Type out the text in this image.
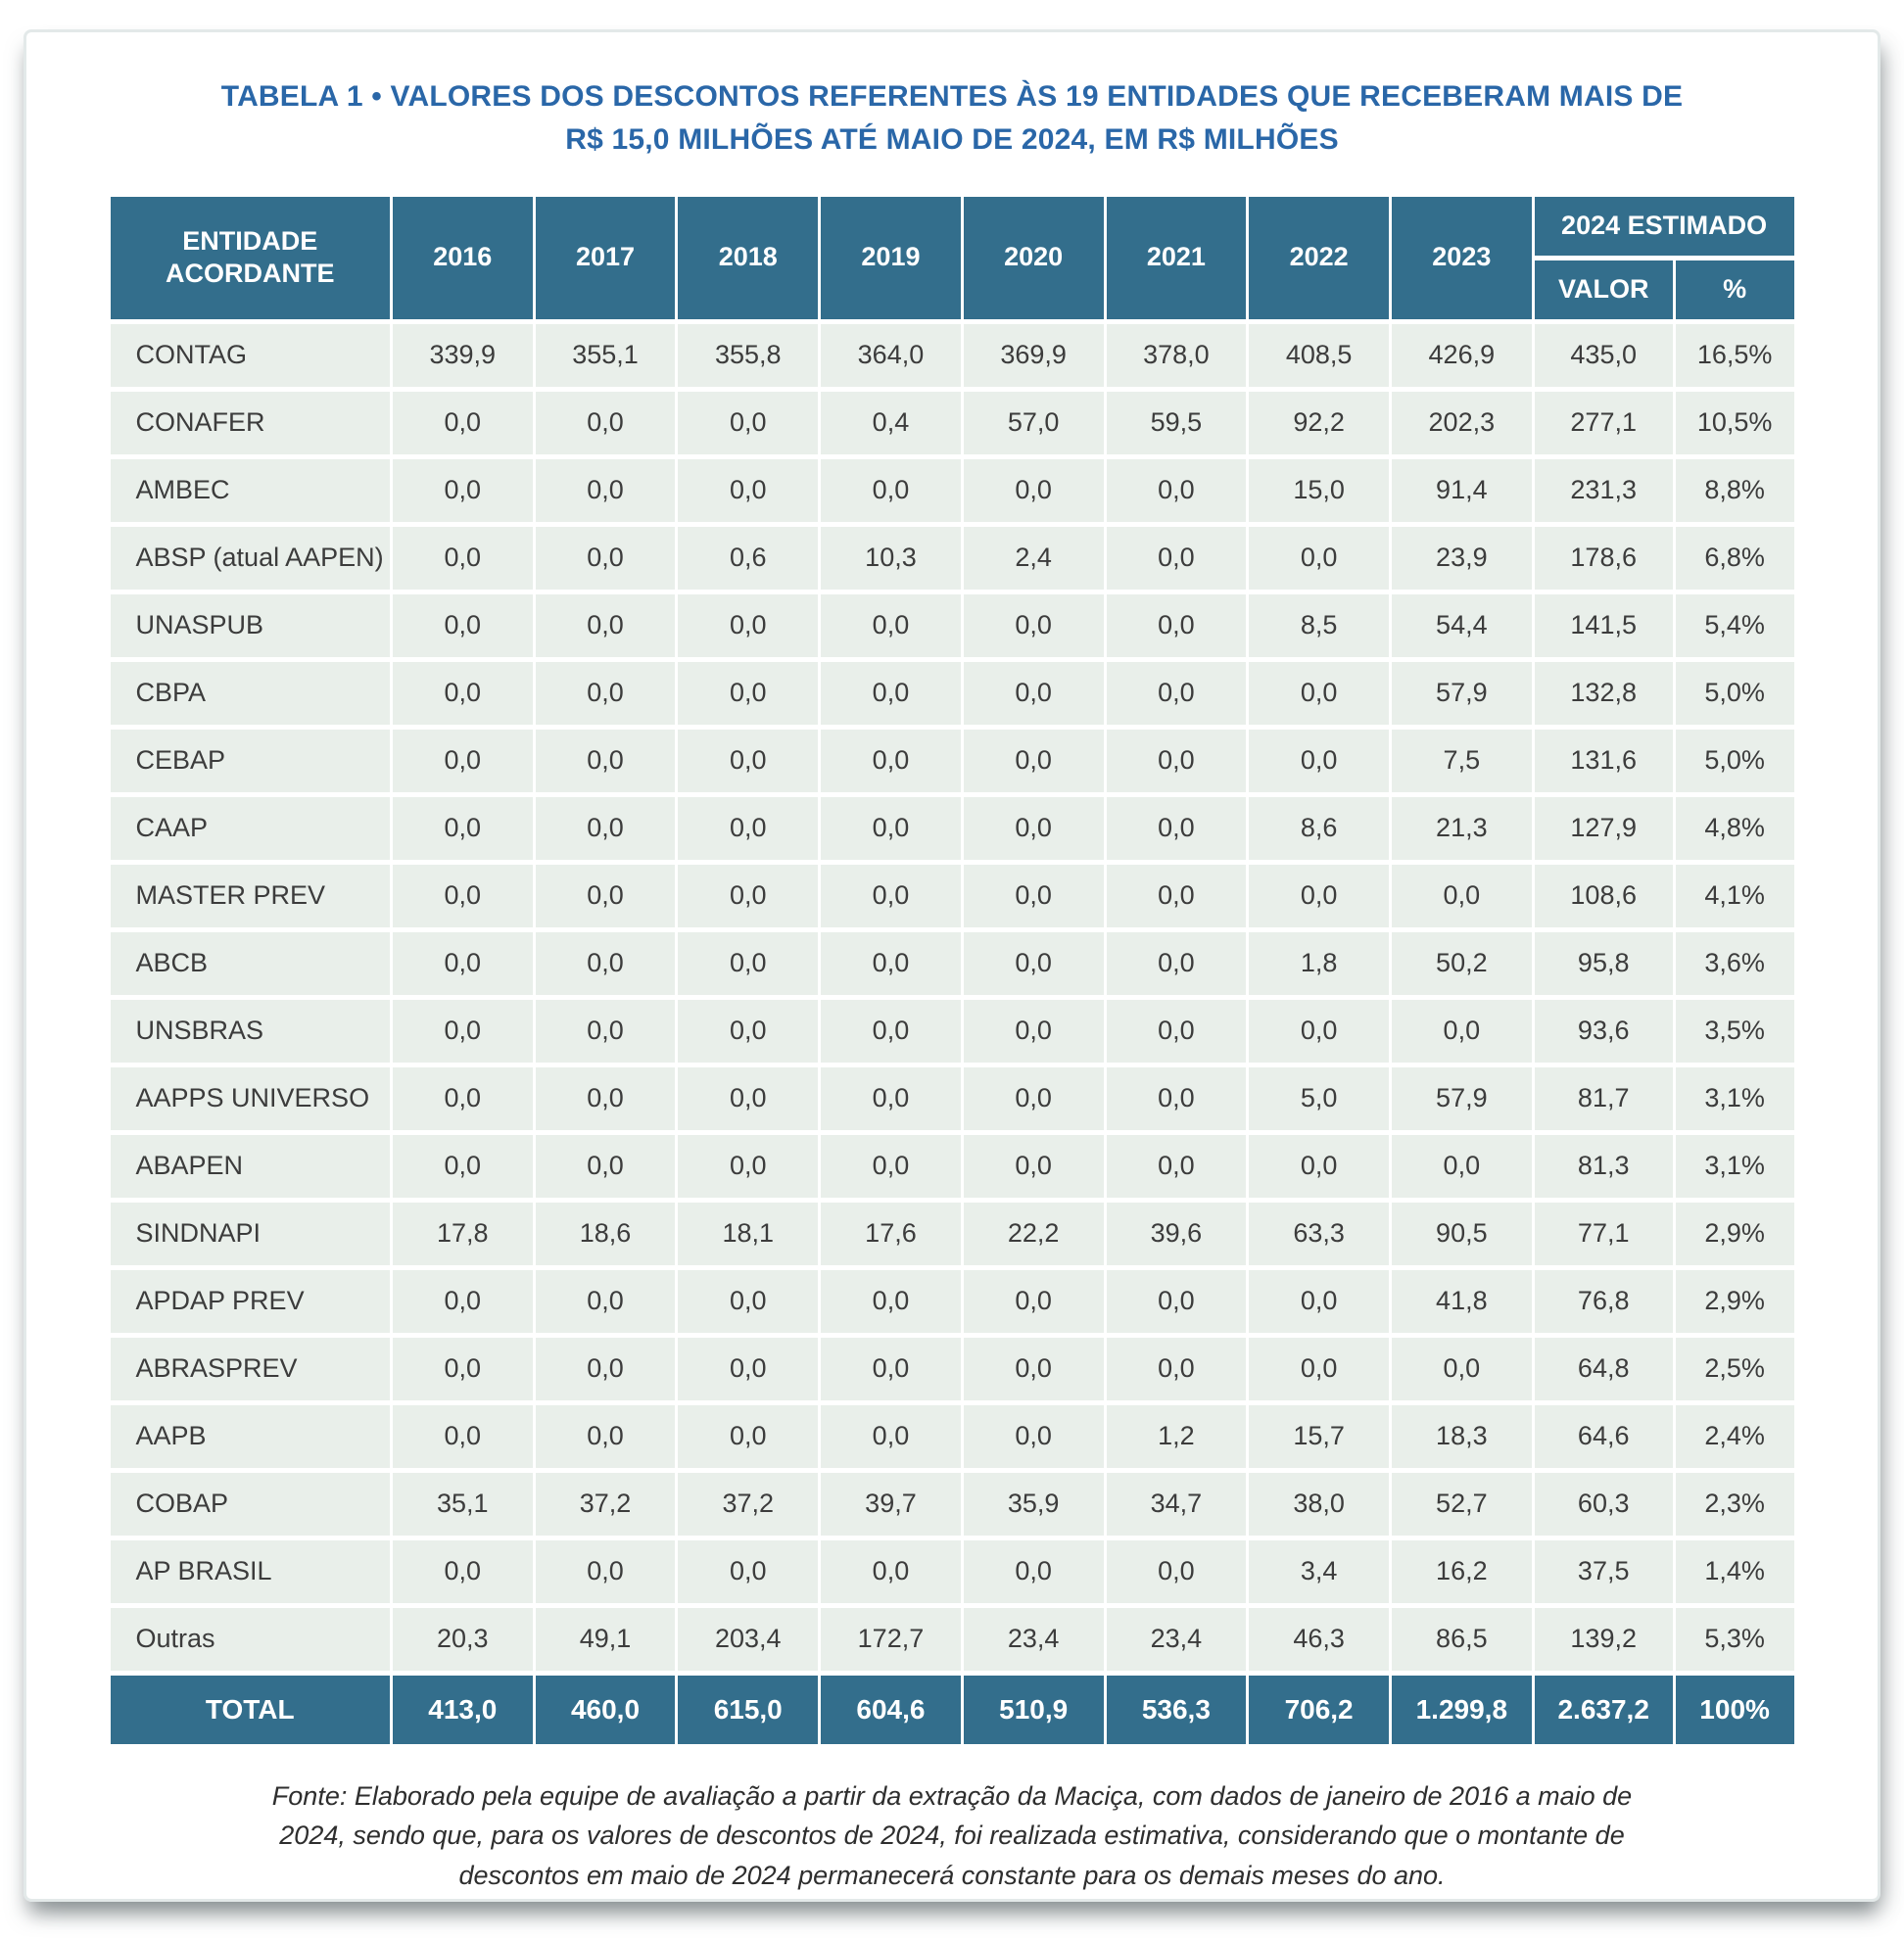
TABELA 1 • VALORES DOS DESCONTOS REFERENTES ÀS 19 ENTIDADES QUE RECEBERAM MAIS DE
R$ 15,0 MILHÕES ATÉ MAIO DE 2024, EM R$ MILHÕES
ENTIDADE ACORDANTE	2016	2017	2018	2019	2020	2021	2022	2023	2024 ESTIMADO	
									VALOR	%
CONTAG	339,9	355,1	355,8	364,0	369,9	378,0	408,5	426,9	435,0	16,5%
CONAFER	0,0	0,0	0,0	0,4	57,0	59,5	92,2	202,3	277,1	10,5%
AMBEC	0,0	0,0	0,0	0,0	0,0	0,0	15,0	91,4	231,3	8,8%
ABSP (atual AAPEN)	0,0	0,0	0,6	10,3	2,4	0,0	0,0	23,9	178,6	6,8%
UNASPUB	0,0	0,0	0,0	0,0	0,0	0,0	8,5	54,4	141,5	5,4%
CBPA	0,0	0,0	0,0	0,0	0,0	0,0	0,0	57,9	132,8	5,0%
CEBAP	0,0	0,0	0,0	0,0	0,0	0,0	0,0	7,5	131,6	5,0%
CAAP	0,0	0,0	0,0	0,0	0,0	0,0	8,6	21,3	127,9	4,8%
MASTER PREV	0,0	0,0	0,0	0,0	0,0	0,0	0,0	0,0	108,6	4,1%
ABCB	0,0	0,0	0,0	0,0	0,0	0,0	1,8	50,2	95,8	3,6%
UNSBRAS	0,0	0,0	0,0	0,0	0,0	0,0	0,0	0,0	93,6	3,5%
AAPPS UNIVERSO	0,0	0,0	0,0	0,0	0,0	0,0	5,0	57,9	81,7	3,1%
ABAPEN	0,0	0,0	0,0	0,0	0,0	0,0	0,0	0,0	81,3	3,1%
SINDNAPI	17,8	18,6	18,1	17,6	22,2	39,6	63,3	90,5	77,1	2,9%
APDAP PREV	0,0	0,0	0,0	0,0	0,0	0,0	0,0	41,8	76,8	2,9%
ABRASPREV	0,0	0,0	0,0	0,0	0,0	0,0	0,0	0,0	64,8	2,5%
AAPB	0,0	0,0	0,0	0,0	0,0	1,2	15,7	18,3	64,6	2,4%
COBAP	35,1	37,2	37,2	39,7	35,9	34,7	38,0	52,7	60,3	2,3%
AP BRASIL	0,0	0,0	0,0	0,0	0,0	0,0	3,4	16,2	37,5	1,4%
Outras	20,3	49,1	203,4	172,7	23,4	23,4	46,3	86,5	139,2	5,3%
TOTAL	413,0	460,0	615,0	604,6	510,9	536,3	706,2	1.299,8	2.637,2	100%

Fonte: Elaborado pela equipe de avaliação a partir da extração da Maciça, com dados de janeiro de 2016 a maio de 2024, sendo que, para os valores de descontos de 2024, foi realizada estimativa, considerando que o montante de descontos em maio de 2024 permanecerá constante para os demais meses do ano.
